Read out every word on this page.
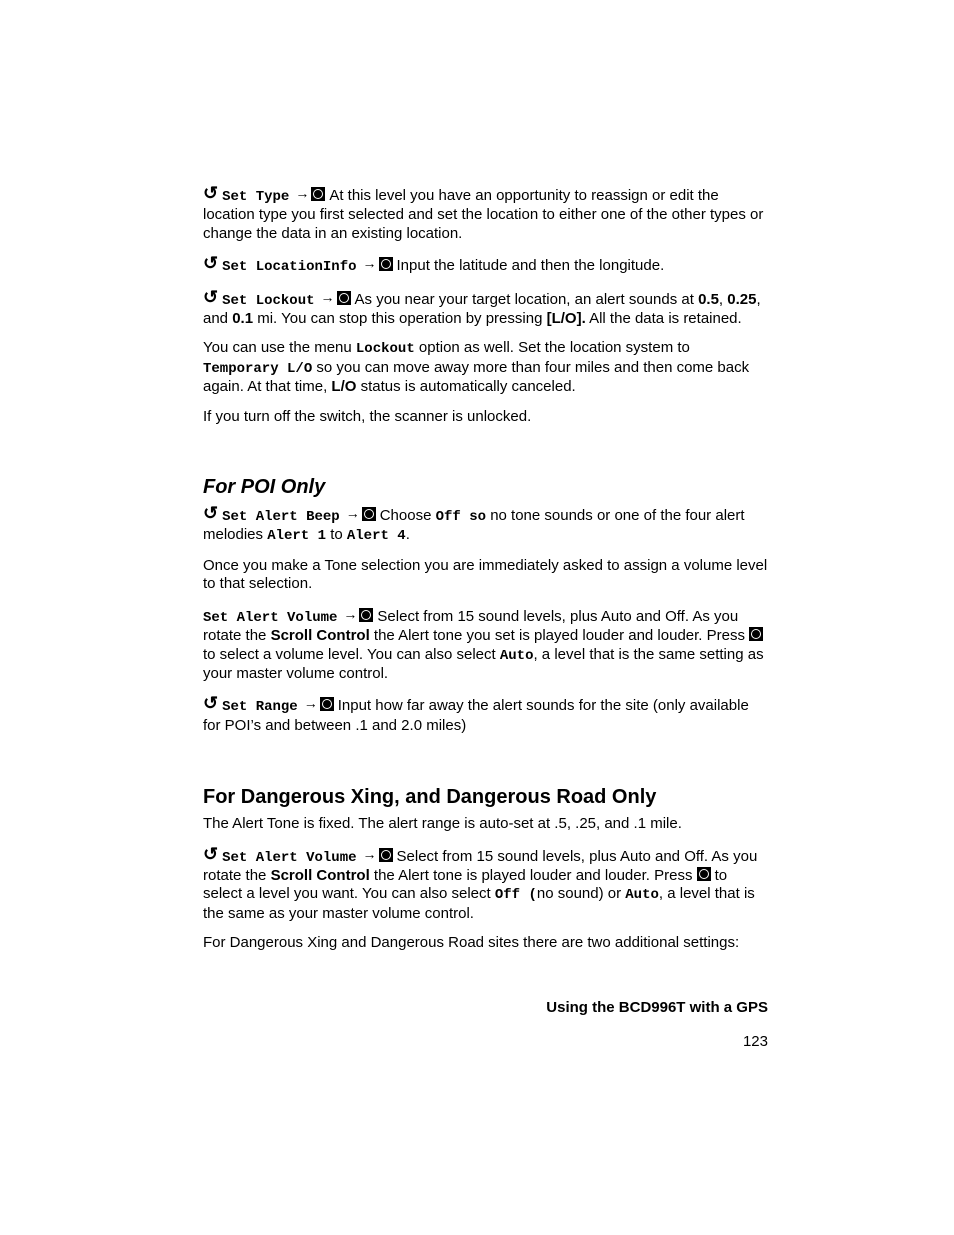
↺ Set Type → At this level you have an opportunity to reassign or edit the location type you first selected and set the location to either one of the other types or change the data in an existing location.

↺ Set LocationInfo → Input the latitude and then the longitude.

↺ Set Lockout → As you near your target location, an alert sounds at 0.5, 0.25, and 0.1 mi. You can stop this operation by pressing [L/O]. All the data is retained.

You can use the menu Lockout option as well. Set the location system to Temporary L/O so you can move away more than four miles and then come back again. At that time, L/O status is automatically canceled.

If you turn off the switch, the scanner is unlocked.

For POI Only

↺ Set Alert Beep → Choose Off so no tone sounds or one of the four alert melodies Alert 1 to Alert 4.

Once you make a Tone selection you are immediately asked to assign a volume level to that selection.

Set Alert Volume → Select from 15 sound levels, plus Auto and Off. As you rotate the Scroll Control the Alert tone you set is played louder and louder. Press to select a volume level. You can also select Auto, a level that is the same setting as your master volume control.

↺ Set Range → Input how far away the alert sounds for the site (only available for POI’s and between .1 and 2.0 miles)

For Dangerous Xing, and Dangerous Road Only

The Alert Tone is fixed. The alert range is auto-set at .5, .25, and .1 mile.

↺ Set Alert Volume → Select from 15 sound levels, plus Auto and Off. As you rotate the Scroll Control the Alert tone is played louder and louder. Press to select a level you want. You can also select Off (no sound) or Auto, a level that is the same as your master volume control.

For Dangerous Xing and Dangerous Road sites there are two additional settings:

Using the BCD996T with a GPS
123
